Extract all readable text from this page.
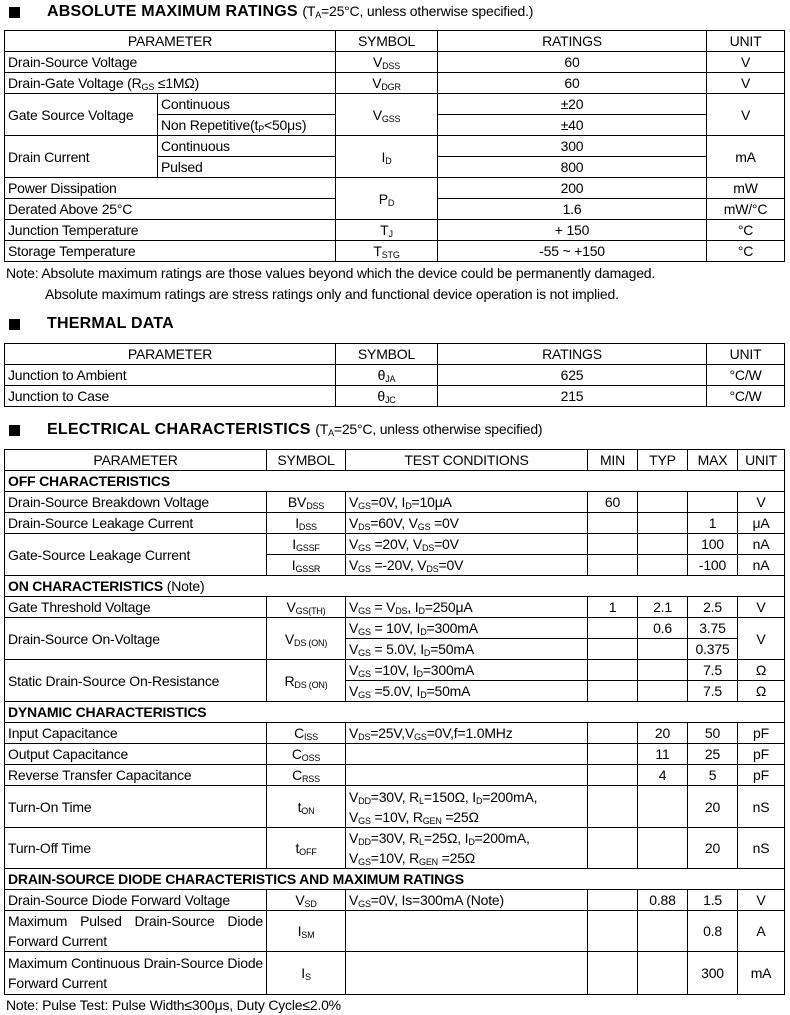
ABSOLUTE MAXIMUM RATINGS ($T_A=25^\circ C$, unless otherwise specified.)
PARAMETER		SYMBOL	RATINGS	UNIT
Drain-Source Voltage		$V_{DSS}$	60	V
Drain-Gate Voltage $(R_{GS} \le 1M\Omega)$		$V_{DGR}$	60	V
Gate Source Voltage	Continuous	$V_{GSS}$	±20	V
	Non $Repetitive(t_P<50\mu s)$		±40	
Drain Current	Continuous	$I_D$	300	mA
	Pulsed		800	
Power Dissipation		$P_D$	200	mW
Derated Above 25°C			1.6	mW/°C
Junction Temperature		$T_J$	+ 150	°C
Storage Temperature		$T_{STG}$	-55 ~ +150	°C
Note: Absolute maximum ratings are those values beyond which the device could be permanently damaged.
Absolute maximum ratings are stress ratings only and functional device operation is not implied.
THERMAL DATA
PARAMETER	SYMBOL	RATINGS	UNIT
Junction to Ambient	$\theta_{JA}$	625	°C/W
Junction to Case	$\theta_{JC}$	215	°C/W
ELECTRICAL CHARACTERISTICS ($T_A=25^\circ C$, unless otherwise specified)
PARAMETER	SYMBOL	TEST CONDITIONS	MIN	TYP	MAX	UNIT
OFF CHARACTERISTICS						
Drain-Source Breakdown Voltage	$BV_{DSS}$	$V_{GS}=0V$, $I_D=10\mu A$	60			V
Drain-Source Leakage Current	$I_{DSS}$	$V_{DS}=60V$, $V_{GS} =0V$			1	μA
Gate-Source Leakage Current	$I_{GSSF}$	$V_{GS} =20V$, $V_{DS}=0V$			100	nA
	$I_{GSSR}$	$V_{GS} =-20V$, $V_{DS}=0V$			-100	nA
ON CHARACTERISTICS (Note)						
Gate Threshold Voltage	$V_{GS(TH)}$	$V_{GS} = V_{DS}$, $I_D=250\mu A$	1	2.1	2.5	V
Drain-Source On-Voltage	$V_{DS (ON)}$	$V_{GS} = 10V$, $I_D=300mA$		0.6	3.75	V
		$V_{GS} = 5.0V$, $I_D=50mA$			0.375	
Static Drain-Source On-Resistance	$R_{DS (ON)}$	$V_{GS} =10V$, $I_D=300mA$			7.5	Ω
		$V_{GS} =5.0V$, $I_D=50mA$			7.5	Ω
DYNAMIC CHARACTERISTICS						
Input Capacitance	$C_{ISS}$	$V_{DS}=25V,V_{GS}=0V,f=1.0MHz$		20	50	pF
Output Capacitance	$C_{OSS}$			11	25	pF
Reverse Transfer Capacitance	$C_{RSS}$			4	5	pF
Turn-On Time	$t_{ON}$	$V_{DD}=30V$, $R_L=150\Omega$, $I_D=200mA$,
$V_{GS} =10V$, $R_{GEN} =25\Omega$			20	nS
Turn-Off Time	$t_{OFF}$	$V_{DD}=30V$, $R_L=25\Omega$, $I_D=200mA$,
$V_{GS}=10V$, $R_{GEN} =25\Omega$			20	nS
DRAIN-SOURCE DIODE CHARACTERISTICS AND MAXIMUM RATINGS						
Drain-Source Diode Forward Voltage	$V_{SD}$	$V_{GS}=0V$, Is=300mA (Note)		0.88	1.5	V
Maximum Pulsed Drain-Source Diode Forward Current	$I_{SM}$				0.8	A
Maximum Continuous Drain-Source Diode Forward Current	$I_S$				300	mA
Note: Pulse Test: Pulse Width≤300μs, Duty Cycle≤2.0%
